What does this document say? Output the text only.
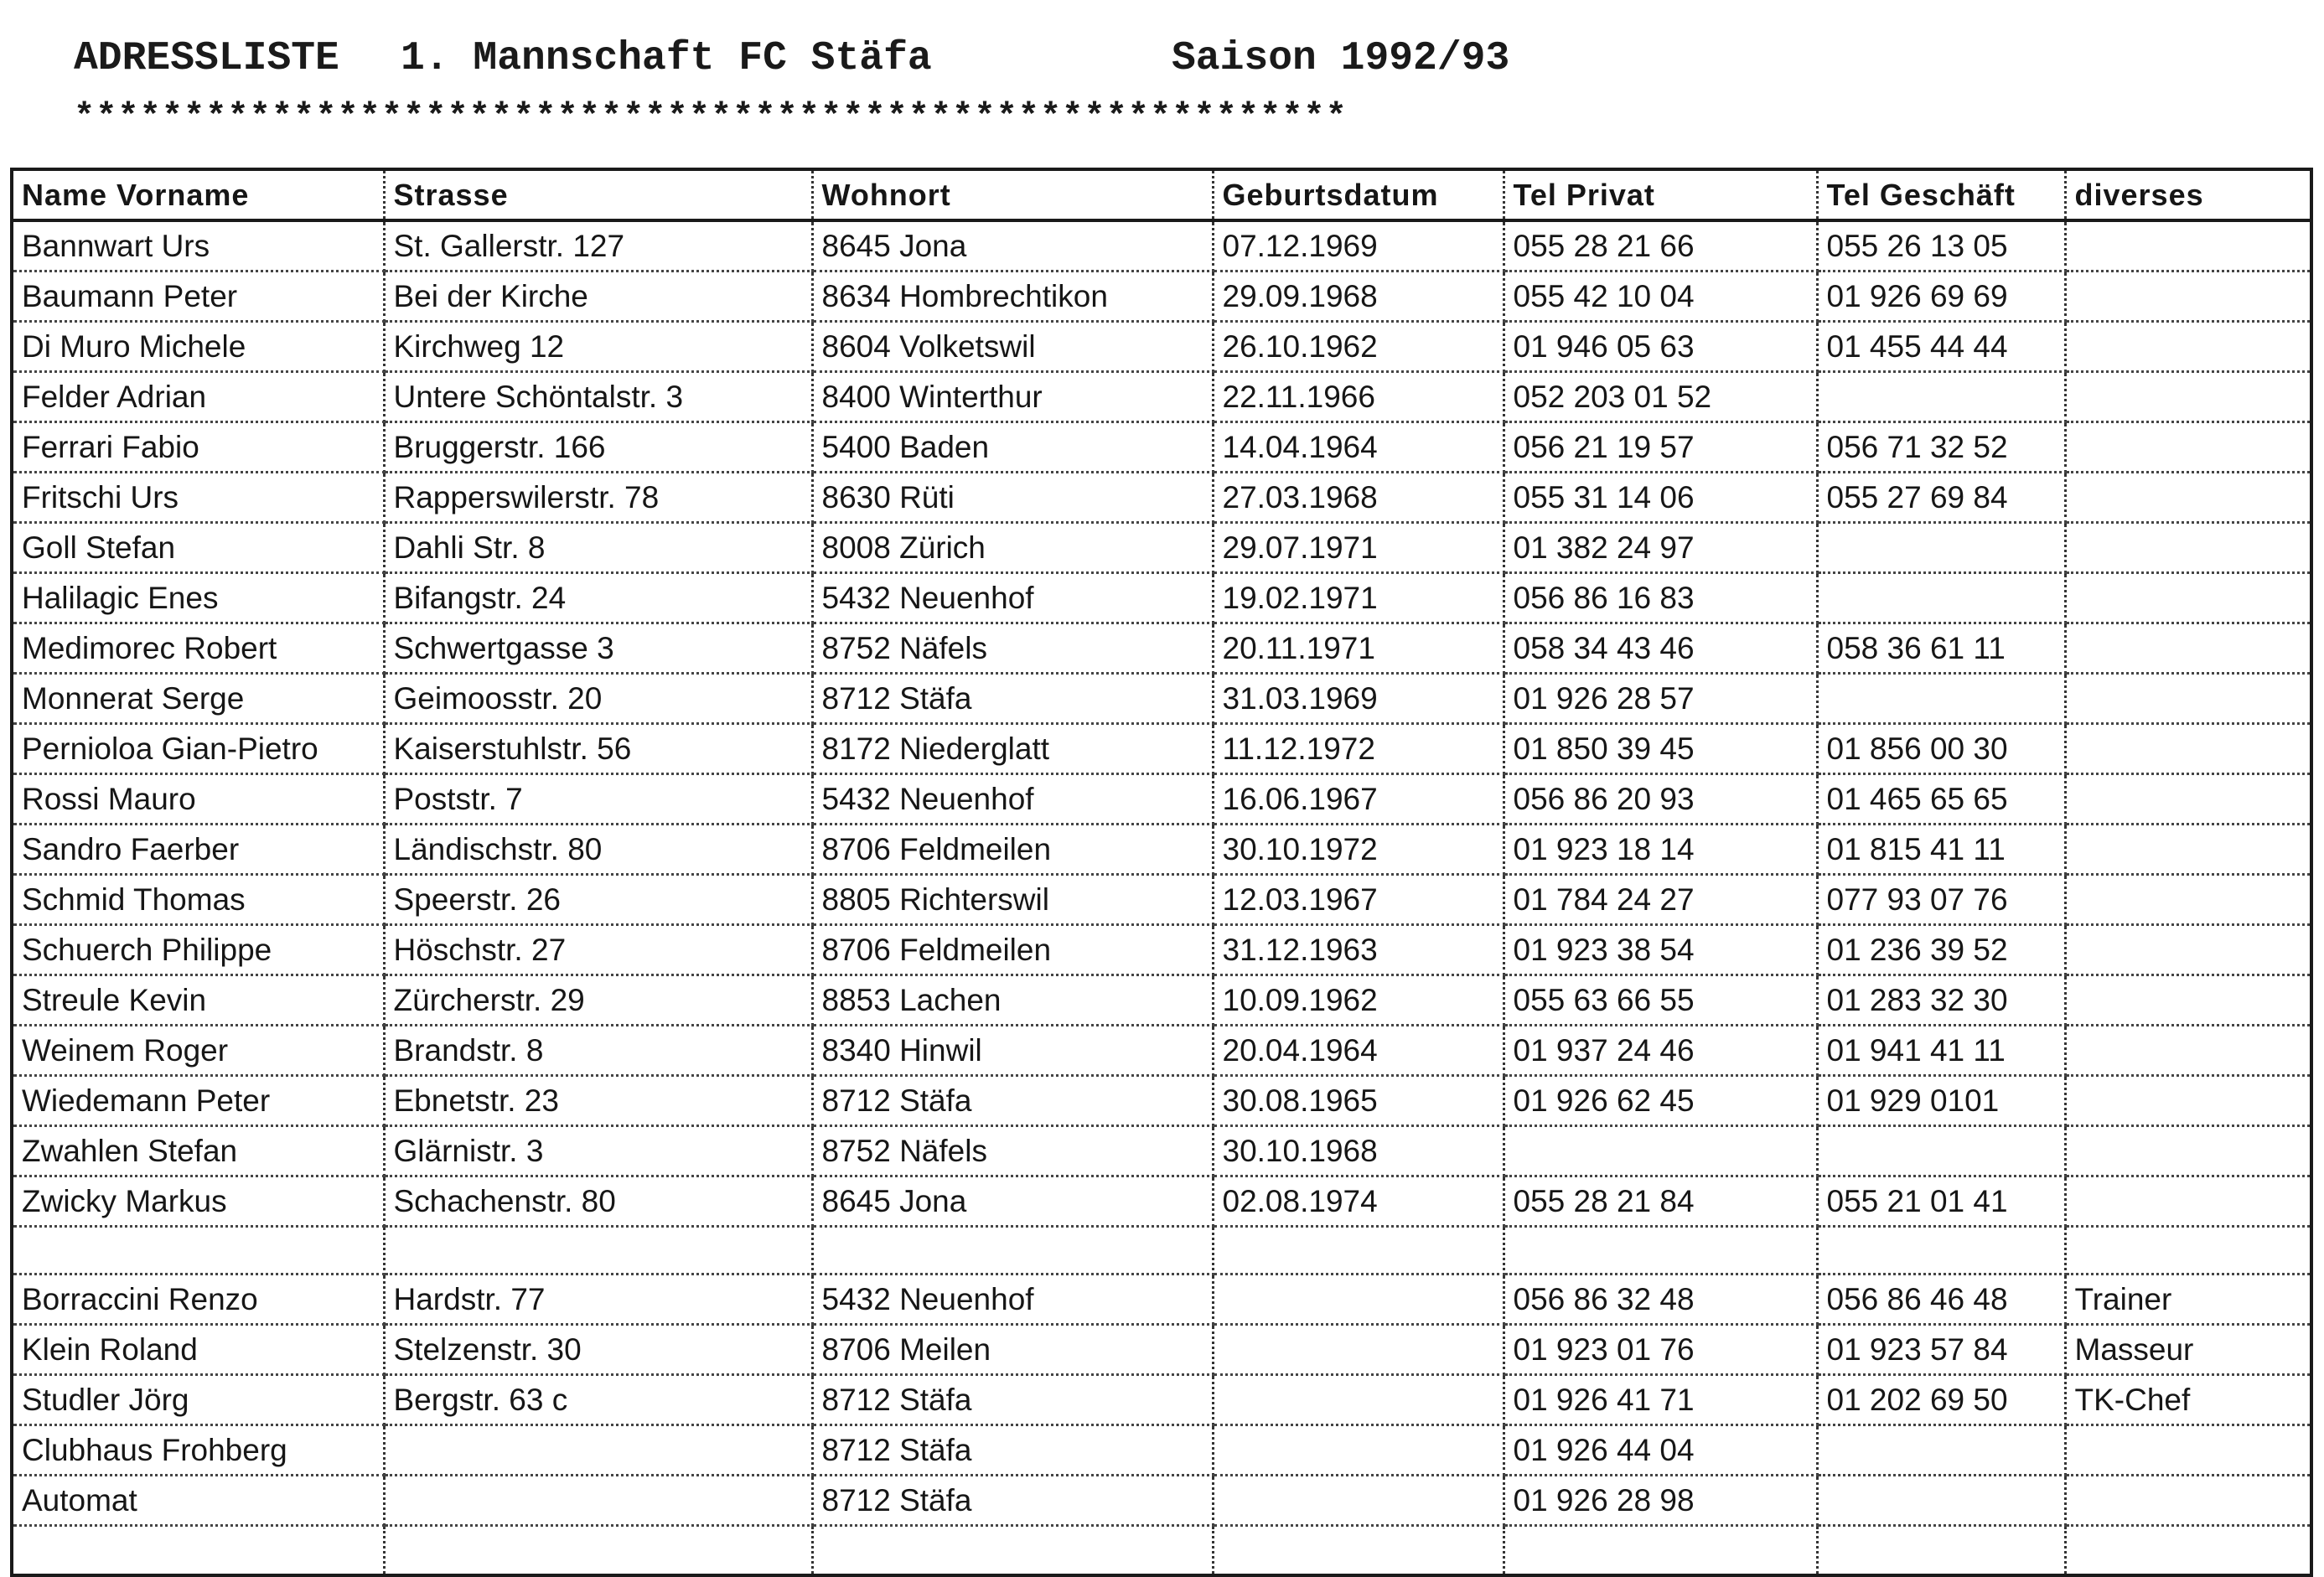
ADRESSLISTE 1. Mannschaft FC Stäfa	Saison 1992/93
**********************************************************
Name Vorname	Strasse	Wohnort	Geburtsdatum	Tel Privat	Tel Geschäft	diverses
Bannwart Urs	St. Gallerstr. 127	8645 Jona	07.12.1969	055 28 21 66	055 26 13 05	
Baumann Peter	Bei der Kirche	8634 Hombrechtikon	29.09.1968	055 42 10 04	01 926 69 69	
Di Muro Michele	Kirchweg 12	8604 Volketswil	26.10.1962	01 946 05 63	01 455 44 44	
Felder Adrian	Untere Schöntalstr. 3	8400 Winterthur	22.11.1966	052 203 01 52		
Ferrari Fabio	Bruggerstr. 166	5400 Baden	14.04.1964	056 21 19 57	056 71 32 52	
Fritschi Urs	Rapperswilerstr. 78	8630 Rüti	27.03.1968	055 31 14 06	055 27 69 84	
Goll Stefan	Dahli Str. 8	8008 Zürich	29.07.1971	01 382 24 97		
Halilagic Enes	Bifangstr. 24	5432 Neuenhof	19.02.1971	056 86 16 83		
Medimorec Robert	Schwertgasse 3	8752 Näfels	20.11.1971	058 34 43 46	058 36 61 11	
Monnerat Serge	Geimoosstr. 20	8712 Stäfa	31.03.1969	01 926 28 57		
Pernioloa Gian-Pietro	Kaiserstuhlstr. 56	8172 Niederglatt	11.12.1972	01 850 39 45	01 856 00 30	
Rossi Mauro	Poststr. 7	5432 Neuenhof	16.06.1967	056 86 20 93	01 465 65 65	
Sandro Faerber	Ländischstr. 80	8706 Feldmeilen	30.10.1972	01 923 18 14	01 815 41 11	
Schmid Thomas	Speerstr. 26	8805 Richterswil	12.03.1967	01 784 24 27	077 93 07 76	
Schuerch Philippe	Höschstr. 27	8706 Feldmeilen	31.12.1963	01 923 38 54	01 236 39 52	
Streule Kevin	Zürcherstr. 29	8853 Lachen	10.09.1962	055 63 66 55	01 283 32 30	
Weinem Roger	Brandstr. 8	8340 Hinwil	20.04.1964	01 937 24 46	01 941 41 11	
Wiedemann Peter	Ebnetstr. 23	8712 Stäfa	30.08.1965	01 926 62 45	01 929 0101	
Zwahlen Stefan	Glärnistr. 3	8752 Näfels	30.10.1968			
Zwicky Markus	Schachenstr. 80	8645 Jona	02.08.1974	055 28 21 84	055 21 01 41	

Borraccini Renzo	Hardstr. 77	5432 Neuenhof		056 86 32 48	056 86 46 48	Trainer
Klein Roland	Stelzenstr. 30	8706 Meilen		01 923 01 76	01 923 57 84	Masseur
Studler Jörg	Bergstr. 63 c	8712 Stäfa		01 926 41 71	01 202 69 50	TK-Chef
Clubhaus Frohberg		8712 Stäfa		01 926 44 04		
Automat		8712 Stäfa		01 926 28 98		
